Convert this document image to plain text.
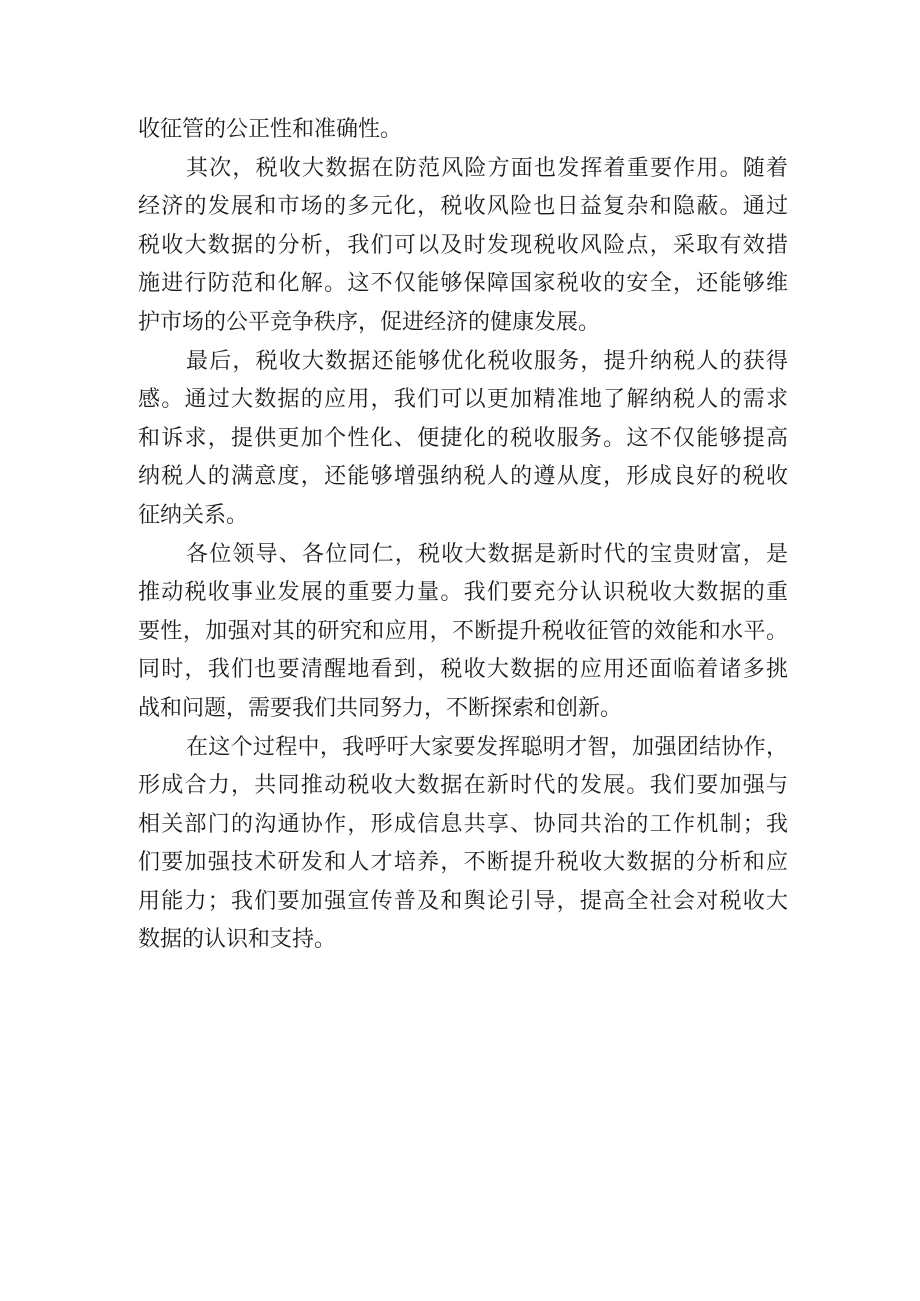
收征管的公正性和准确性。
其次，税收大数据在防范风险方面也发挥着重要作用。随着
经济的发展和市场的多元化，税收风险也日益复杂和隐蔽。通过
税收大数据的分析，我们可以及时发现税收风险点，采取有效措
施进行防范和化解。这不仅能够保障国家税收的安全，还能够维
护市场的公平竞争秩序，促进经济的健康发展。
最后，税收大数据还能够优化税收服务，提升纳税人的获得
感。通过大数据的应用，我们可以更加精准地了解纳税人的需求
和诉求，提供更加个性化、便捷化的税收服务。这不仅能够提高
纳税人的满意度，还能够增强纳税人的遵从度，形成良好的税收
征纳关系。
各位领导、各位同仁，税收大数据是新时代的宝贵财富，是
推动税收事业发展的重要力量。我们要充分认识税收大数据的重
要性，加强对其的研究和应用，不断提升税收征管的效能和水平。
同时，我们也要清醒地看到，税收大数据的应用还面临着诸多挑
战和问题，需要我们共同努力，不断探索和创新。
在这个过程中，我呼吁大家要发挥聪明才智，加强团结协作，
形成合力，共同推动税收大数据在新时代的发展。我们要加强与
相关部门的沟通协作，形成信息共享、协同共治的工作机制；我
们要加强技术研发和人才培养，不断提升税收大数据的分析和应
用能力；我们要加强宣传普及和舆论引导，提高全社会对税收大
数据的认识和支持。
